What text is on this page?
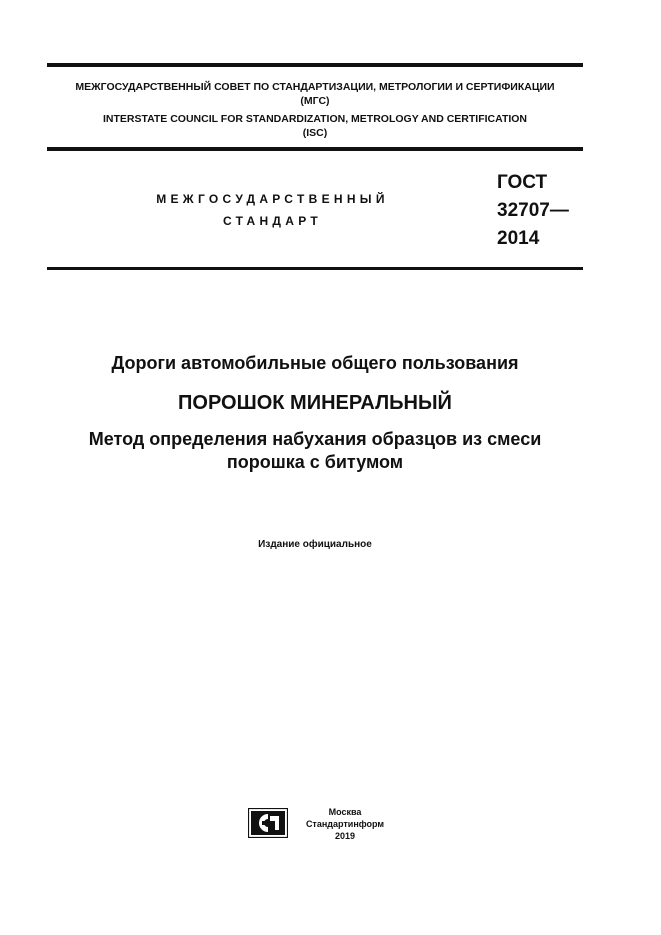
МЕЖГОСУДАРСТВЕННЫЙ СОВЕТ ПО СТАНДАРТИЗАЦИИ, МЕТРОЛОГИИ И СЕРТИФИКАЦИИ
(МГС)
INTERSTATE COUNCIL FOR STANDARDIZATION, METROLOGY AND CERTIFICATION
(ISC)
МЕЖГОСУДАРСТВЕННЫЙ
СТАНДАРТ
ГОСТ
32707—
2014
Дороги автомобильные общего пользования
ПОРОШОК МИНЕРАЛЬНЫЙ
Метод определения набухания образцов из смеси
порошка с битумом
Издание официальное
Москва
Стандартинформ
2019
